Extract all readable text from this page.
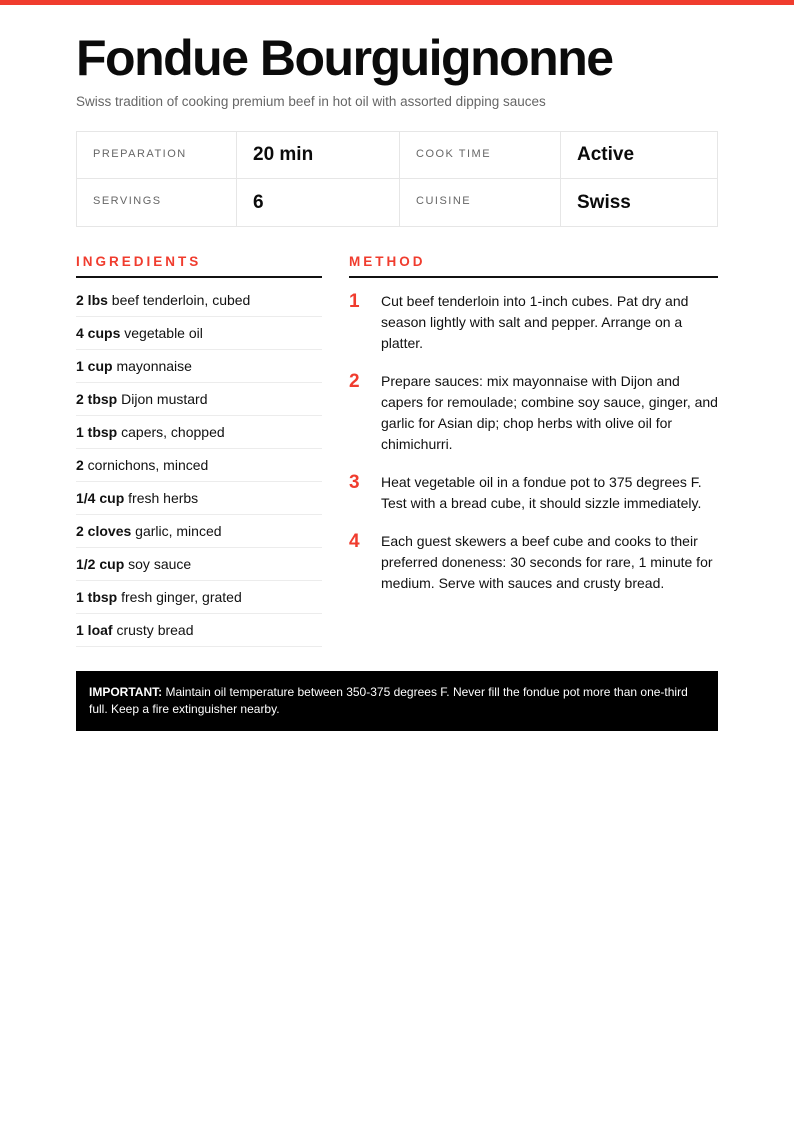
Fondue Bourguignonne

Swiss tradition of cooking premium beef in hot oil with assorted dipping sauces

PREPARATION	20 min	COOK TIME	Active
SERVINGS	6	CUISINE	Swiss
INGREDIENTS
2 lbs beef tenderloin, cubed
4 cups vegetable oil
1 cup mayonnaise
2 tbsp Dijon mustard
1 tbsp capers, chopped
2 cornichons, minced
1/4 cup fresh herbs
2 cloves garlic, minced
1/2 cup soy sauce
1 tbsp fresh ginger, grated
1 loaf crusty bread
METHOD
1	Cut beef tenderloin into 1-inch cubes. Pat dry and season lightly with salt and pepper. Arrange on a platter.
2	Prepare sauces: mix mayonnaise with Dijon and capers for remoulade; combine soy sauce, ginger, and garlic for Asian dip; chop herbs with olive oil for chimichurri.
3	Heat vegetable oil in a fondue pot to 375 degrees F. Test with a bread cube, it should sizzle immediately.
4	Each guest skewers a beef cube and cooks to their preferred doneness: 30 seconds for rare, 1 minute for medium. Serve with sauces and crusty bread.
IMPORTANT: Maintain oil temperature between 350-375 degrees F. Never fill the fondue pot more than one-third full. Keep a fire extinguisher nearby.
